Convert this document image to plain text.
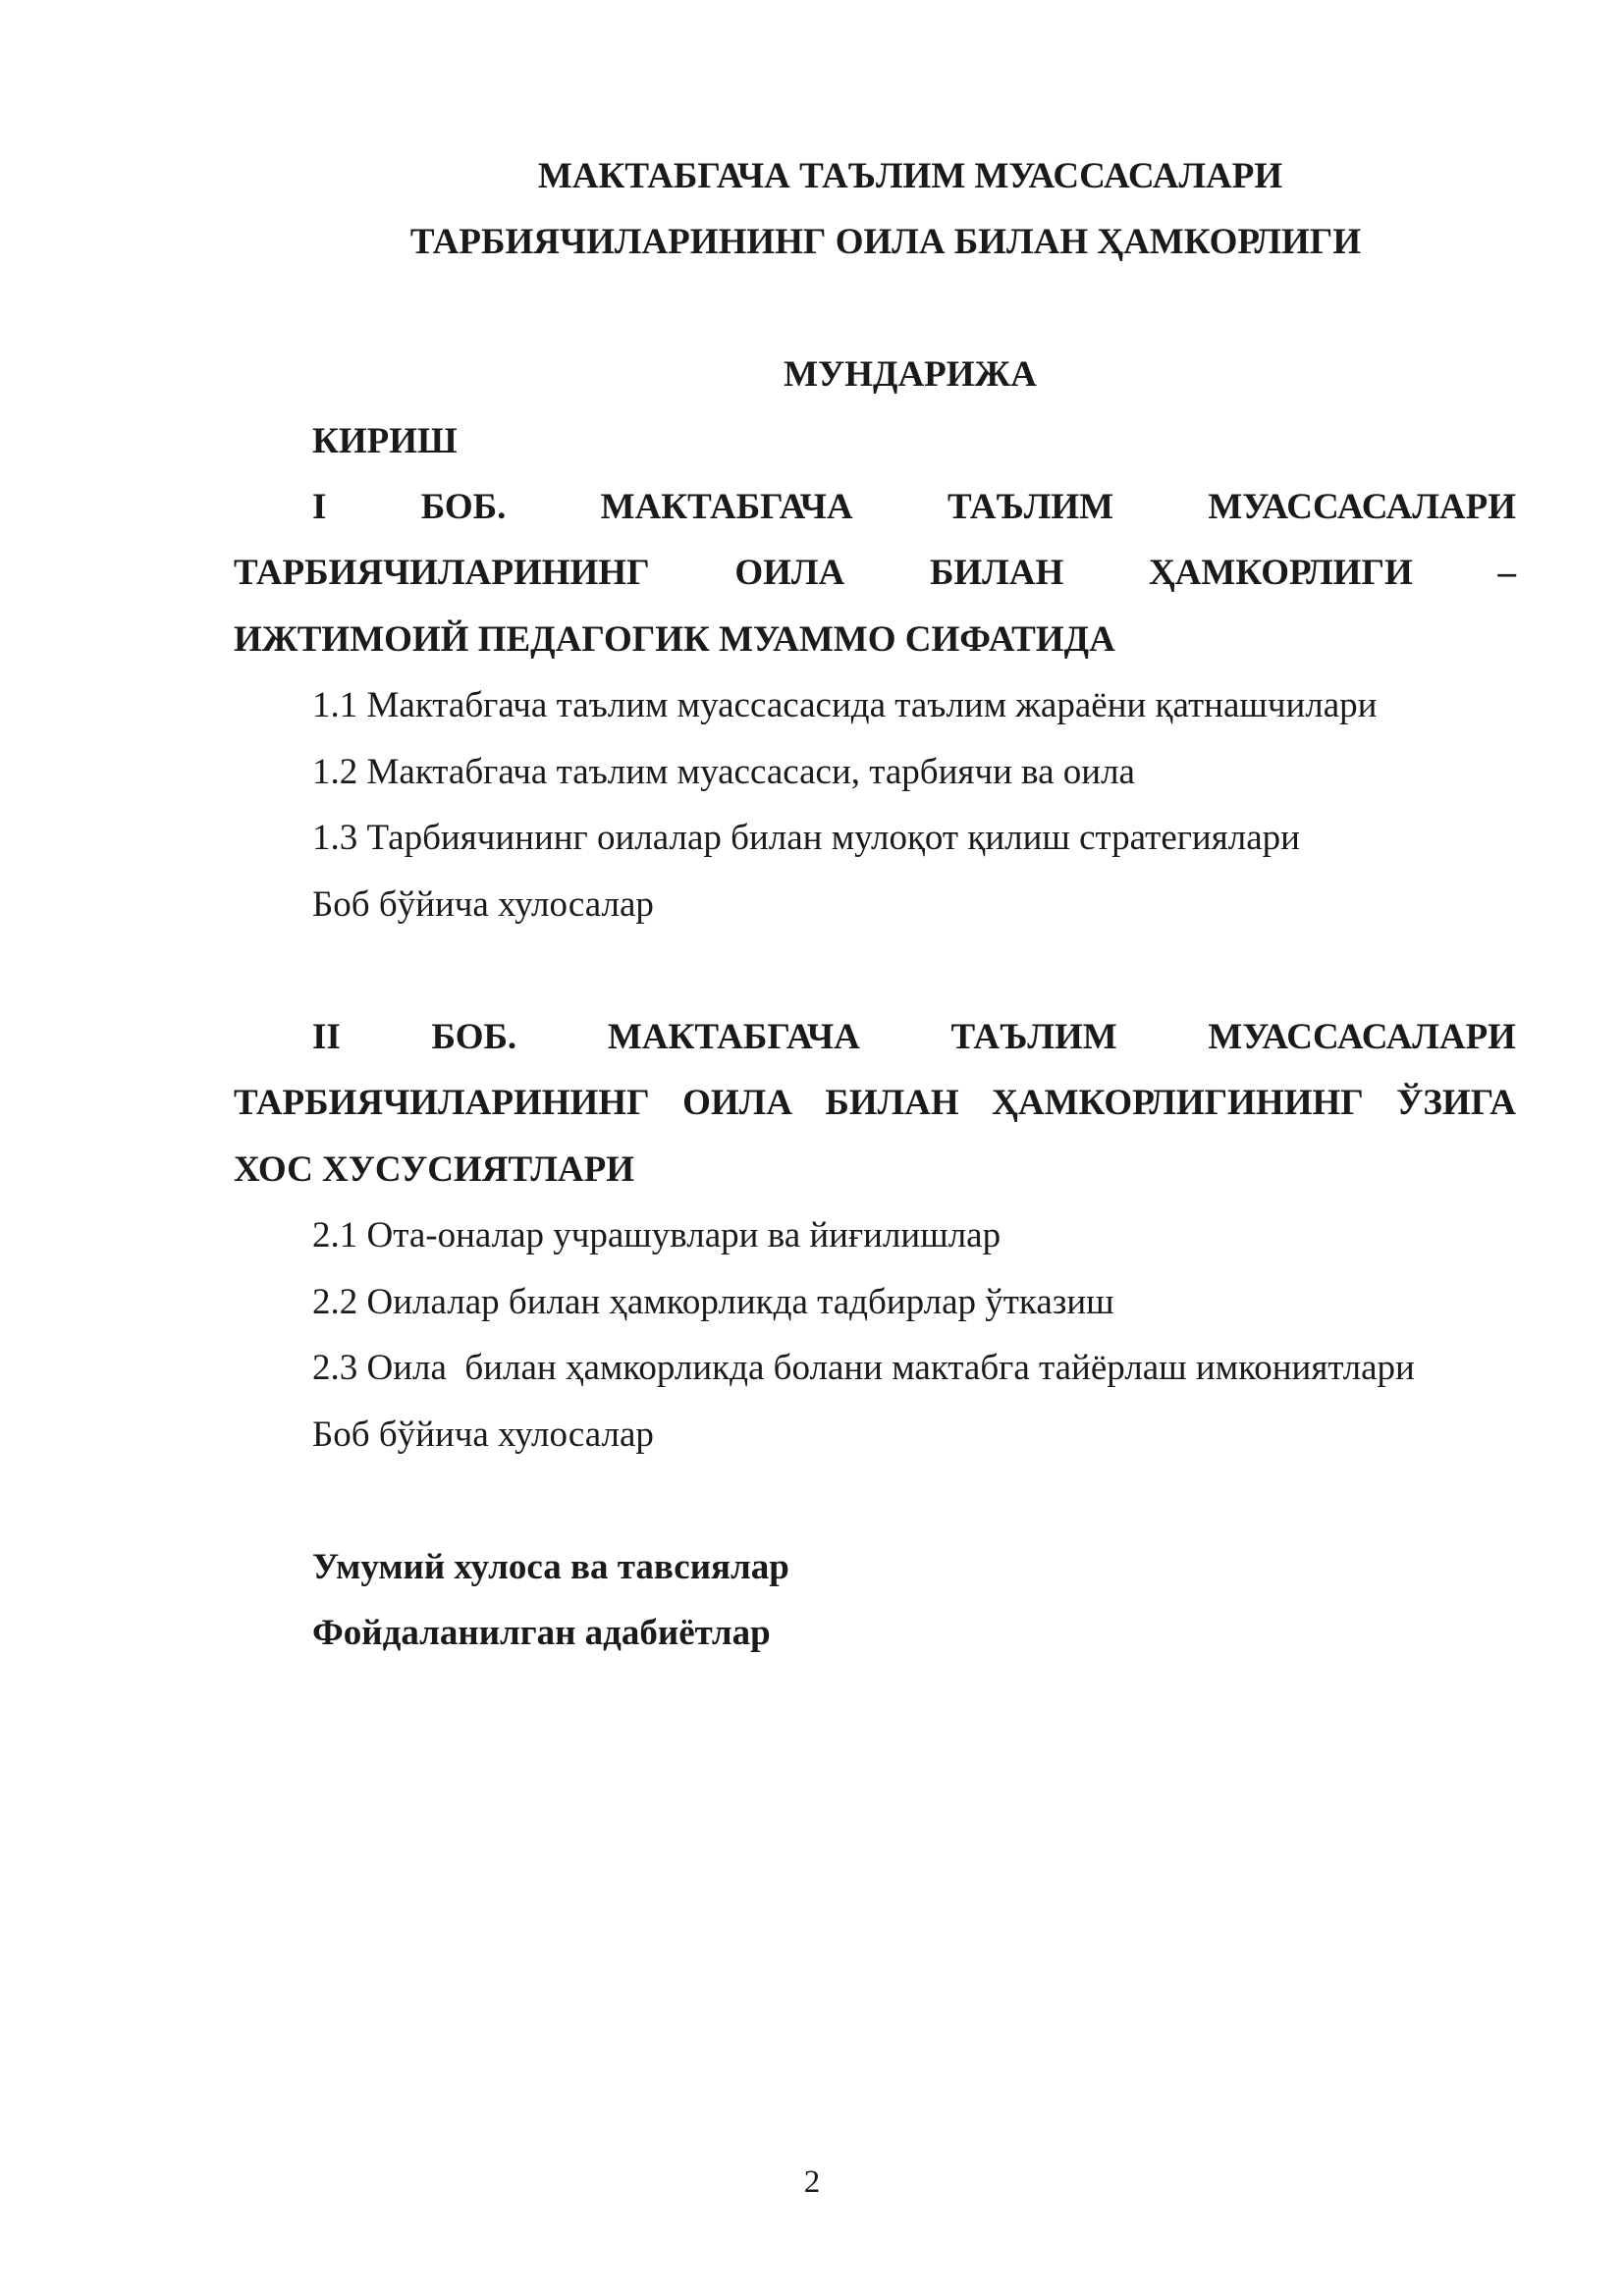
МАКТАБГАЧА ТАЪЛИМ МУАССАСАЛАРИ
ТАРБИЯЧИЛАРИНИНГ ОИЛА БИЛАН ҲАМКОРЛИГИ
МУНДАРИЖА
КИРИШ
I	БОБ.	МАКТАБГАЧА	ТАЪЛИМ	МУАССАСАЛАРИ
ТАРБИЯЧИЛАРИНИНГ ОИЛА БИЛАН ҲАМКОРЛИГИ –
ИЖТИМОИЙ ПЕДАГОГИК МУАММО СИФАТИДА
1.1 Мактабгача таълим муассасасида таълим жараёни қатнашчилари
1.2 Мактабгача таълим муассасаси, тарбиячи ва оила
1.3 Тарбиячининг оилалар билан мулоқот қилиш стратегиялари
Боб бўйича хулосалар
II	БОБ.	МАКТАБГАЧА	ТАЪЛИМ	МУАССАСАЛАРИ
ТАРБИЯЧИЛАРИНИНГ ОИЛА БИЛАН ҲАМКОРЛИГИНИНГ ЎЗИГА
ХОС ХУСУСИЯТЛАРИ
2.1 Ота-оналар учрашувлари ва йиғилишлар
2.2 Оилалар билан ҳамкорликда тадбирлар ўтказиш
2.3 Оила  билан ҳамкорликда болани мактабга тайёрлаш имкониятлари
Боб бўйича хулосалар
Умумий хулоса ва тавсиялар
Фойдаланилган адабиётлар
2
